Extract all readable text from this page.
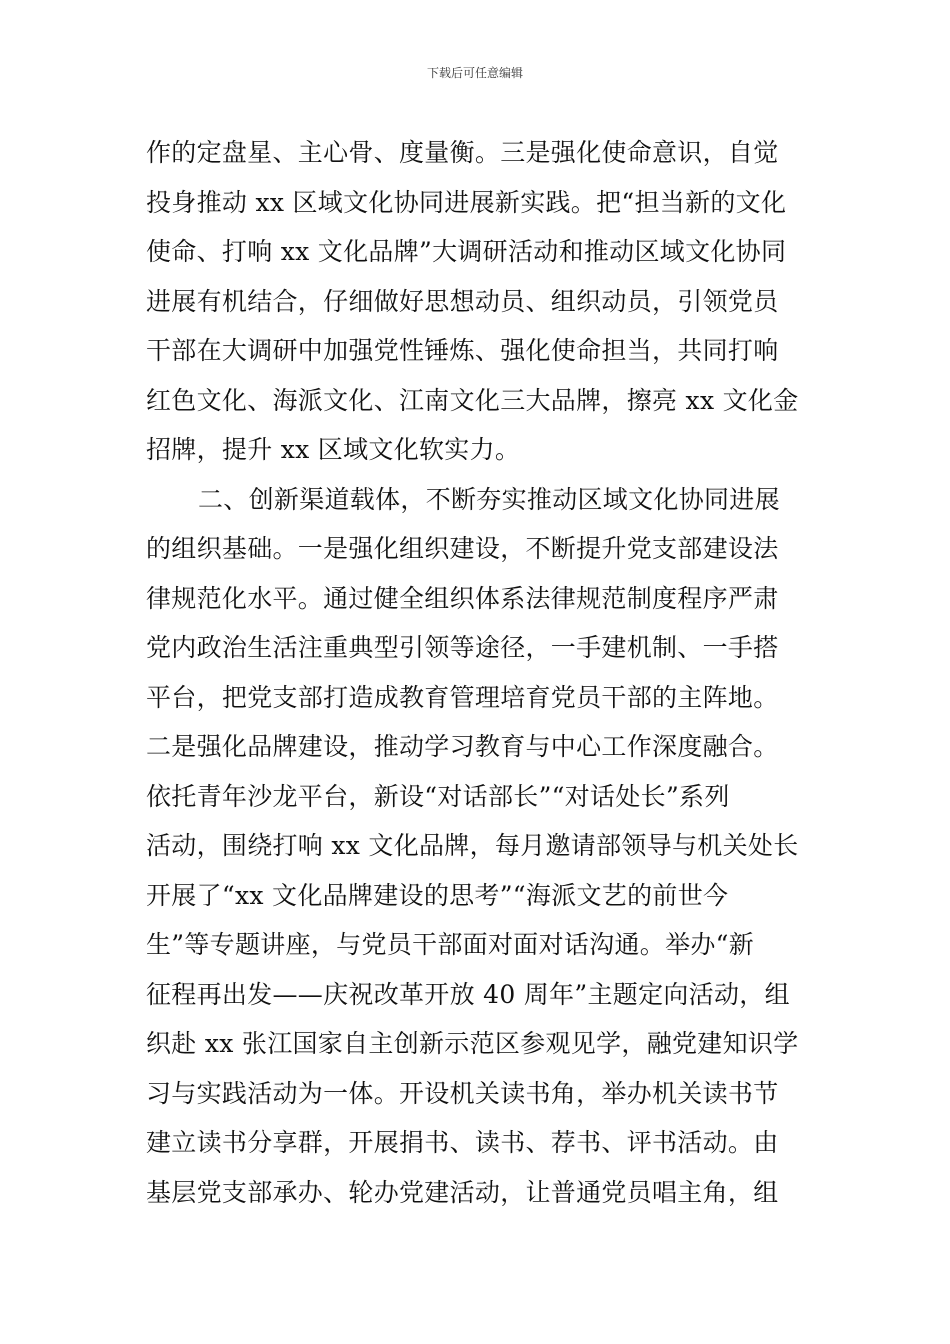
下载后可任意编辑
作的定盘星、主心骨、度量衡。三是强化使命意识，自觉
投身推动 xx 区域文化协同进展新实践。把“担当新的文化
使命、打响 xx 文化品牌”大调研活动和推动区域文化协同
进展有机结合，仔细做好思想动员、组织动员，引领党员
干部在大调研中加强党性锤炼、强化使命担当，共同打响
红色文化、海派文化、江南文化三大品牌，擦亮 xx 文化金
招牌，提升 xx 区域文化软实力。
二、创新渠道载体，不断夯实推动区域文化协同进展
的组织基础。一是强化组织建设，不断提升党支部建设法
律规范化水平。通过健全组织体系法律规范制度程序严肃
党内政治生活注重典型引领等途径，一手建机制、一手搭
平台，把党支部打造成教育管理培育党员干部的主阵地。
二是强化品牌建设，推动学习教育与中心工作深度融合。
依托青年沙龙平台，新设“对话部长”“对话处长”系列
活动，围绕打响 xx 文化品牌，每月邀请部领导与机关处长
开展了“xx 文化品牌建设的思考”“海派文艺的前世今
生”等专题讲座，与党员干部面对面对话沟通。举办“新
征程再出发——庆祝改革开放 40 周年”主题定向活动，组
织赴 xx 张江国家自主创新示范区参观见学，融党建知识学
习与实践活动为一体。开设机关读书角，举办机关读书节
建立读书分享群，开展捐书、读书、荐书、评书活动。由
基层党支部承办、轮办党建活动，让普通党员唱主角，组
